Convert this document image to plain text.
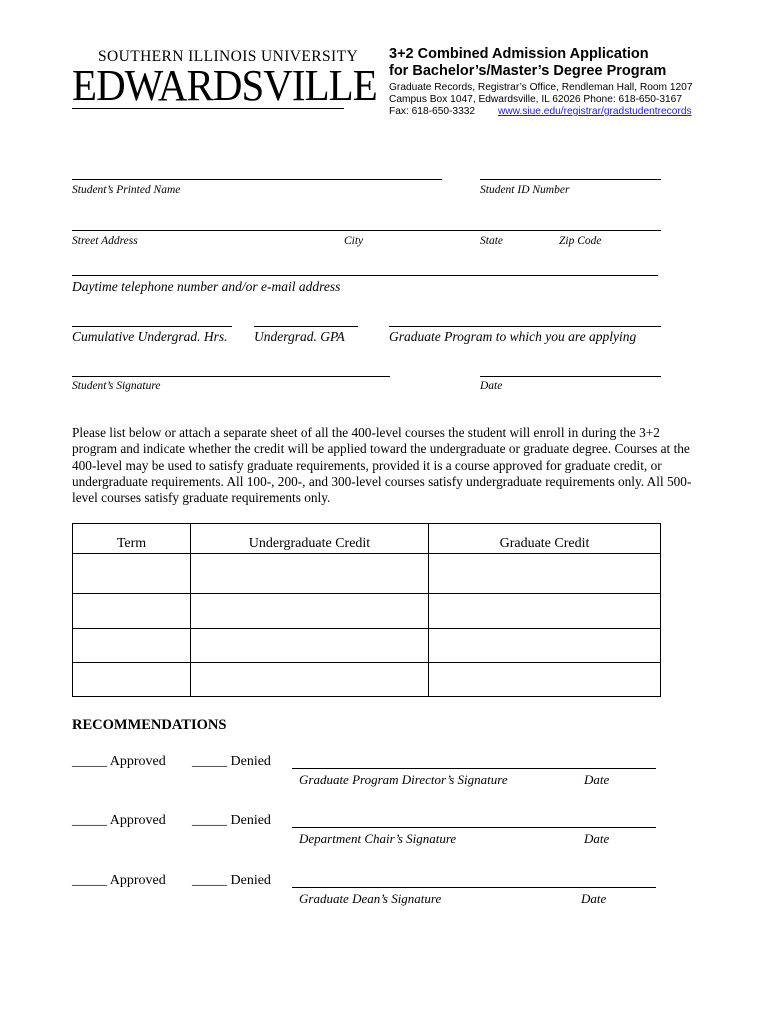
SOUTHERN ILLINOIS UNIVERSITY
EDWARDSVILLE
3+2 Combined Admission Application
for Bachelor’s/Master’s Degree Program
Graduate Records, Registrar’s Office, Rendleman Hall, Room 1207
Campus Box 1047, Edwardsville, IL 62026 Phone: 618-650-3167
Fax: 618-650-3332 www.siue.edu/registrar/gradstudentrecords
Student’s Printed Name	Student ID Number
Street Address	City	State	Zip Code
Daytime telephone number and/or e-mail address
Cumulative Undergrad. Hrs. Undergrad. GPA	Graduate Program to which you are applying
Student’s Signature	Date
Please list below or attach a separate sheet of all the 400-level courses the student will enroll in during the 3+2 program and indicate whether the credit will be applied toward the undergraduate or graduate degree. Courses at the 400-level may be used to satisfy graduate requirements, provided it is a course approved for graduate credit, or undergraduate requirements. All 100-, 200-, and 300-level courses satisfy undergraduate requirements only. All 500-level courses satisfy graduate requirements only.
Term	Undergraduate Credit	Graduate Credit

RECOMMENDATIONS
_____ Approved _____ Denied
Graduate Program Director’s Signature	Date
_____ Approved _____ Denied
Department Chair’s Signature	Date
_____ Approved _____ Denied
Graduate Dean’s Signature	Date
